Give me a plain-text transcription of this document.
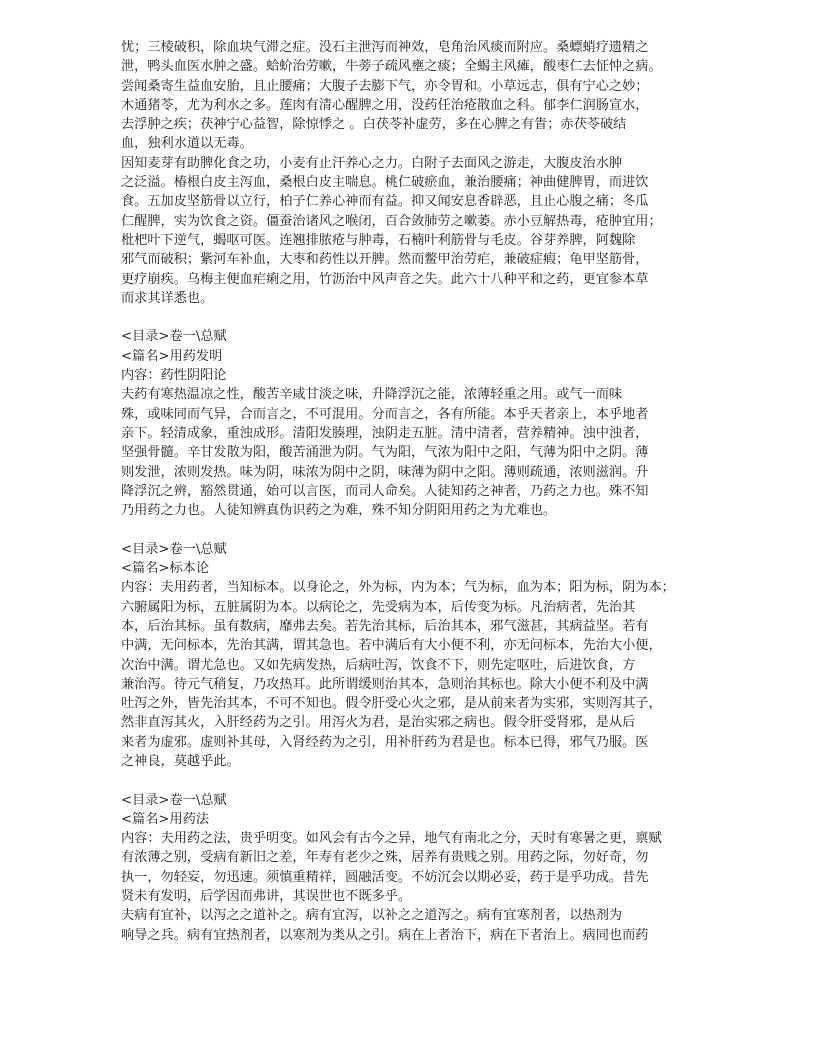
忧；三棱破积，除血块气滞之症。没石主泄泻而神效，皂角治风痰而附应。桑螵蛸疗遗精之
泄，鸭头血医水肿之盛。蛤蚧治劳嗽，牛蒡子疏风壅之痰；全蝎主风瘫，酸枣仁去怔忡之病。
尝闻桑寄生益血安胎，且止腰痛；大腹子去膨下气，亦令胃和。小草远志，俱有宁心之妙；
木通猪苓，尤为利水之多。莲肉有清心醒脾之用，没药任治疮散血之科。郁李仁润肠宣水，
去浮肿之疾；茯神宁心益智，除惊悸之 。白茯苓补虚劳，多在心脾之有眚；赤茯苓破结
血，独利水道以无毒。
因知麦芽有助脾化食之功，小麦有止汗养心之力。白附子去面风之游走，大腹皮治水肿
之泛溢。椿根白皮主泻血，桑根白皮主喘息。桃仁破瘀血，兼治腰痛；神曲健脾胃，而进饮
食。五加皮坚筋骨以立行，柏子仁养心神而有益。抑又闻安息香辟恶，且止心腹之痛；冬瓜
仁醒脾，实为饮食之资。僵蚕治诸风之喉闭，百合敛肺劳之嗽萎。赤小豆解热毒，疮肿宜用；
枇杷叶下逆气，蝎呕可医。连翘排脓疮与肿毒，石楠叶利筋骨与毛皮。谷芽养脾，阿魏除
邪气而破积；紫河车补血，大枣和药性以开脾。然而鳖甲治劳疟，兼破症瘕；龟甲坚筋骨，
更疗崩疾。乌梅主便血疟痢之用，竹沥治中风声音之失。此六十八种平和之药，更宜参本草
而求其详悉也。
<目录>卷一\总赋
<篇名>用药发明
内容：药性阴阳论
夫药有寒热温凉之性，酸苦辛咸甘淡之味，升降浮沉之能，浓薄轻重之用。或气一而味
殊，或味同而气异，合而言之，不可混用。分而言之，各有所能。本乎天者亲上，本乎地者
亲下。轻清成象，重浊成形。清阳发腠理，浊阴走五脏。清中清者，营养精神。浊中浊者，
坚强骨髓。辛甘发散为阳，酸苦涌泄为阴。气为阳，气浓为阳中之阳，气薄为阳中之阴。薄
则发泄，浓则发热。味为阴，味浓为阴中之阴，味薄为阴中之阳。薄则疏通，浓则滋润。升
降浮沉之辨，豁然贯通，始可以言医，而司人命矣。人徒知药之神者，乃药之力也。殊不知
乃用药之力也。人徒知辨真伪识药之为难，殊不知分阴阳用药之为尤难也。
<目录>卷一\总赋
<篇名>标本论
内容：夫用药者，当知标本。以身论之，外为标，内为本；气为标，血为本；阳为标，阴为本；
六腑属阳为标，五脏属阴为本。以病论之，先受病为本，后传变为标。凡治病者，先治其
本，后治其标。虽有数病，靡弗去矣。若先治其标，后治其本，邪气滋甚，其病益坚。若有
中满，无问标本，先治其满，谓其急也。若中满后有大小便不利，亦无问标本，先治大小便，
次治中满。谓尤急也。又如先病发热，后病吐泻，饮食不下，则先定呕吐，后进饮食，方
兼治泻。待元气稍复，乃攻热耳。此所谓缓则治其本，急则治其标也。除大小便不利及中满
吐泻之外，皆先治其本，不可不知也。假令肝受心火之邪，是从前来者为实邪，实则泻其子，
然非直泻其火，入肝经药为之引。用泻火为君，是治实邪之病也。假令肝受肾邪，是从后
来者为虚邪。虚则补其母，入肾经药为之引，用补肝药为君是也。标本已得，邪气乃服。医
之神良，莫越乎此。
<目录>卷一\总赋
<篇名>用药法
内容：夫用药之法，贵乎明变。如风会有古今之异，地气有南北之分，天时有寒暑之更，禀赋
有浓薄之别，受病有新旧之差，年寿有老少之殊，居养有贵贱之别。用药之际，勿好奇，勿
执一，勿轻妄，勿迅速。须慎重精祥，圆融活变。不妨沉会以期必妥，药于是乎功成。昔先
贤未有发明，后学因而弗讲，其误世也不既多乎。
夫病有宜补，以泻之之道补之。病有宜泻，以补之之道泻之。病有宜寒剂者，以热剂为
响导之兵。病有宜热剂者，以寒剂为类从之引。病在上者治下，病在下者治上。病同也而药
